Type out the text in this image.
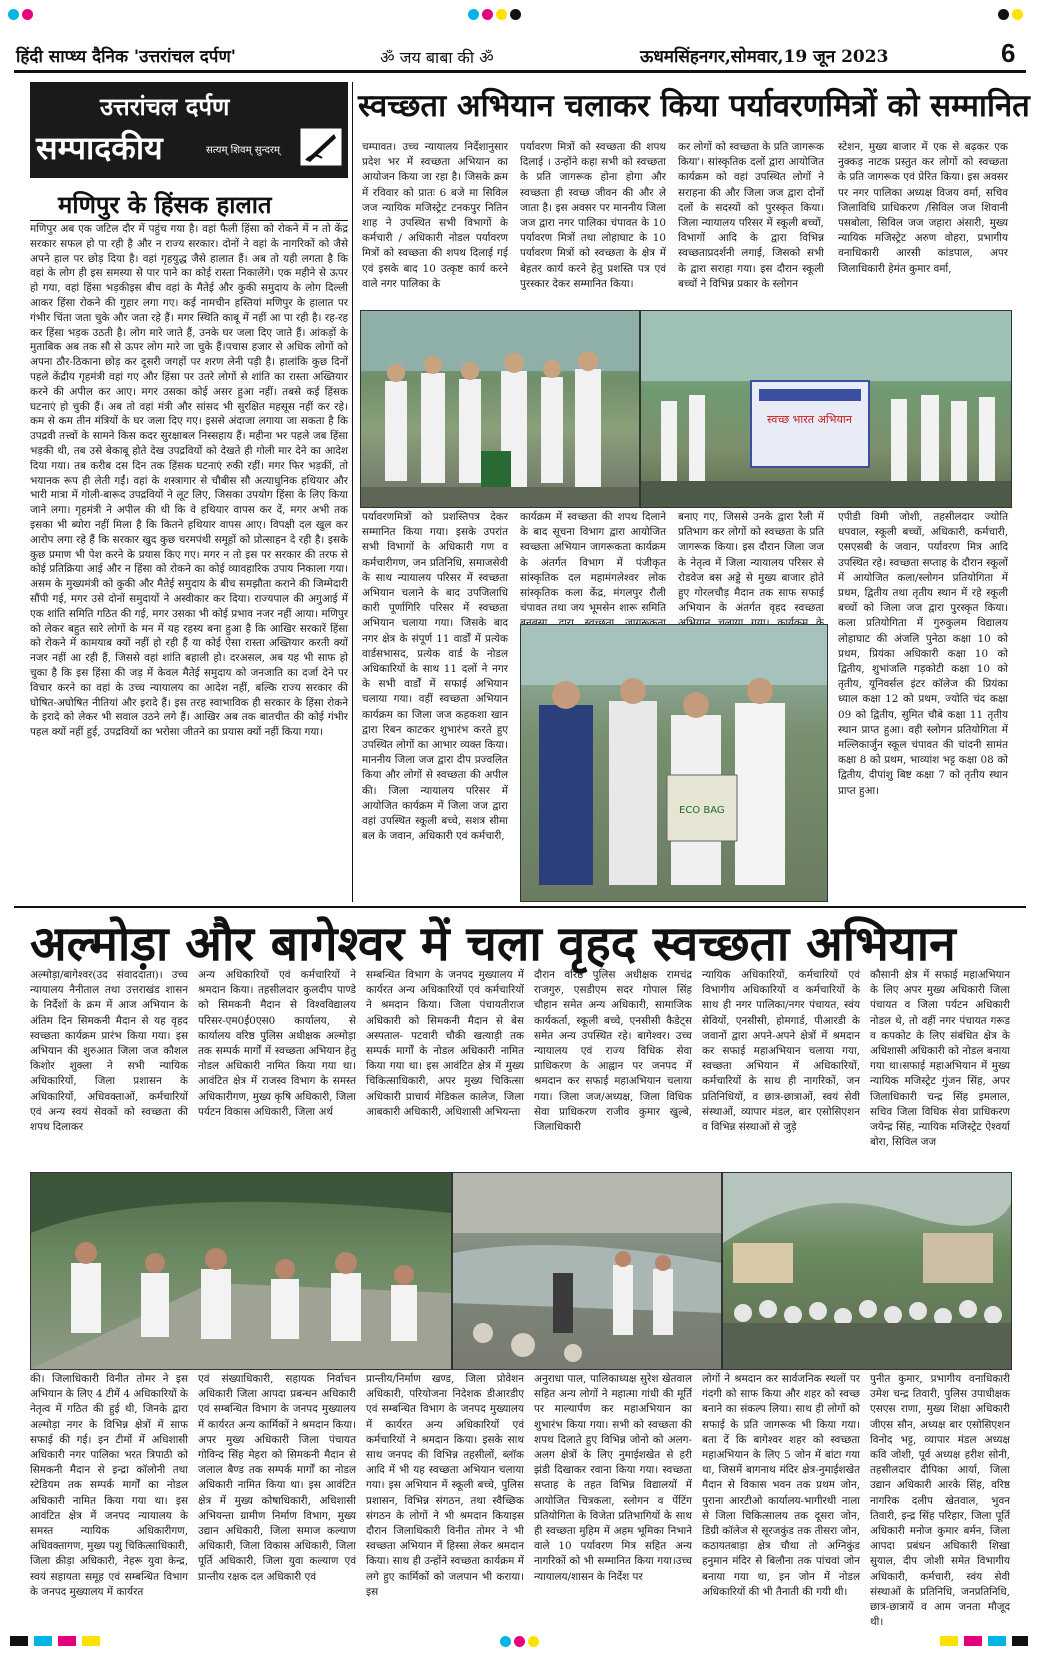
हिंदी साप्ध्य दैनिक 'उत्तरांचल दर्पण'	ॐ जय बाबा की ॐ	ऊधमसिंहनगर,सोमवार,19 जून 2023	6
उत्तरांचल दर्पण
सम्पादकीय	सत्यम् शिवम् सुन्दरम्
मणिपुर के हिंसक हालात
मणिपुर अब एक जटिल दौर में पहुंच गया है। वहां फैली हिंसा को रोकने में न तो केंद्र सरकार सफल हो पा रही है और न राज्य सरकार। दोनों ने वहां के नागरिकों को जैसे अपने हाल पर छोड़ दिया है। वहां गृहयुद्ध जैसे हालात हैं। अब तो यही लगता है कि वहां के लोग ही इस समस्या से पार पाने का कोई रास्ता निकालेंगे। एक महीने से ऊपर हो गया, वहां हिंसा भड़कीइस बीच वहां के मैतेई और कुकी समुदाय के लोग दिल्ली आकर हिंसा रोकने की गुहार लगा गए। कई नामचीन हस्तियां मणिपुर के हालात पर गंभीर चिंता जता चुके और जता रहे हैं। मगर स्थिति काबू में नहीं आ पा रही है। रह-रह कर हिंसा भड़क उठती है। लोग मारे जाते हैं, उनके घर जला दिए जाते हैं। आंकड़ों के मुताबिक अब तक सौ से ऊपर लोग मारे जा चुके हैं।पचास हजार से अधिक लोगों को अपना ठौर-ठिकाना छोड़ कर दूसरी जगहों पर शरण लेनी पड़ी है। हालांकि कुछ दिनों पहले केंद्रीय गृहमंत्री वहां गए और हिंसा पर उतरे लोगों से शांति का रास्ता अख्तियार करने की अपील कर आए। मगर उसका कोई असर हुआ नहीं। तबसे कई हिंसक घटनाएं हो चुकी हैं। अब तो वहां मंत्री और सांसद भी सुरक्षित महसूस नहीं कर रहे। कम से कम तीन मंत्रियों के घर जला दिए गए। इससे अंदाजा लगाया जा सकता है कि उपद्रवी तत्त्वों के सामने किस कदर सुरक्षाबल निस्सहाय हैं। महीना भर पहले जब हिंसा भड़की थी, तब उसे बेकाबू होते देख उपद्रवियों को देखते ही गोली मार देने का आदेश दिया गया। तब करीब दस दिन तक हिंसक घटनाएं रुकी रहीं। मगर फिर भड़कीं, तो भयानक रूप ही लेती गईं। वहां के शस्त्रागार से चौबीस सौ अत्याधुनिक हथियार और भारी मात्रा में गोली-बारूद उपद्रवियों ने लूट लिए, जिसका उपयोग हिंसा के लिए किया जाने लगा। गृहमंत्री ने अपील की थी कि वे हथियार वापस कर दें, मगर अभी तक इसका भी ब्योरा नहीं मिला है कि कितने हथियार वापस आए। विपक्षी दल खुल कर आरोप लगा रहे हैं कि सरकार खुद कुछ चरमपंथी समूहों को प्रोत्साहन दे रही है। इसके कुछ प्रमाण भी पेश करने के प्रयास किए गए। मगर न तो इस पर सरकार की तरफ से कोई प्रतिक्रिया आई और न हिंसा को रोकने का कोई व्यावहारिक उपाय निकाला गया। असम के मुख्यमंत्री को कुकी और मैतेई समुदाय के बीच समझौता कराने की जिम्मेदारी सौंपी गई, मगर उसे दोनों समुदायों ने अस्वीकार कर दिया। राज्यपाल की अगुआई में एक शांति समिति गठित की गई, मगर उसका भी कोई प्रभाव नजर नहीं आया। मणिपुर को लेकर बहुत सारे लोगों के मन में यह रहस्य बना हुआ है कि आखिर सरकारें हिंसा को रोकने में कामयाब क्यों नहीं हो रही हैं या कोई ऐसा रास्ता अख्तियार करती क्यों नजर नहीं आ रही हैं, जिससे वहां शांति बहाली हो। दरअसल, अब यह भी साफ हो चुका है कि इस हिंसा की जड़ में केवल मैतेई समुदाय को जनजाति का दर्जा देने पर विचार करने का वहां के उच्च न्यायालय का आदेश नहीं, बल्कि राज्य सरकार की घोषित-अघोषित नीतियां और इरादे हैं। इस तरह स्वाभाविक ही सरकार के हिंसा रोकने के इरादे को लेकर भी सवाल उठने लगे हैं। आखिर अब तक बातचीत की कोई गंभीर पहल क्यों नहीं हुई, उपद्रवियों का भरोसा जीतने का प्रयास क्यों नहीं किया गया।
स्वच्छता अभियान चलाकर किया पर्यावरणमित्रों को सम्मानित
चम्पावत। उच्च न्यायालय निर्देशानुसार प्रदेश भर में स्वच्छता अभियान का आयोजन किया जा रहा है। जिसके क्रम में रविवार को प्रातः 6 बजे मा सिविल जज न्यायिक मजिस्ट्रेट टनकपुर नितिन शाह ने उपस्थित सभी विभागों के कर्मचारी / अधिकारी नोडल पर्यावरण मित्रों को स्वच्छता की शपथ दिलाई गई एवं इसके बाद 10 उत्कृष्ट कार्य करने वाले नगर पालिका के
पर्यावरण मित्रों को स्वच्छता की शपथ दिलाई । उन्होंने कहा सभी को स्वच्छता के प्रति जागरूक होना होगा और स्वच्छता ही स्वच्छ जीवन की और ले जाता है। इस अवसर पर माननीय जिला जज द्वारा नगर पालिका चंपावत के 10 पर्यावरण मित्रों तथा लोहाघाट के 10 पर्यावरण मित्रों को स्वच्छता के क्षेत्र में बेहतर कार्य करने हेतु प्रशस्ति पत्र एवं पुरस्कार देकर सम्मानित किया।
कर लोगों को स्वच्छता के प्रति जागरूक किया'। सांस्कृतिक दलों द्वारा आयोजित कार्यक्रम को वहां उपस्थित लोगों ने सराहना की और जिला जज द्वारा दोनों दलों के सदस्यों को पुरस्कृत किया। जिला न्यायालय परिसर में स्कूली बच्चों, विभागों आदि के द्वारा विभिन्न स्वच्छताप्रदर्शनी लगाई, जिसको सभी के द्वारा सराहा गया। इस दौरान स्कूली बच्चों ने विभिन्न प्रकार के स्लोगन
स्टेशन, मुख्य बाजार में एक से बढ़कर एक नुक्कड़ नाटक प्रस्तुत कर लोगों को स्वच्छता के प्रति जागरूक एवं प्रेरित किया। इस अवसर पर नगर पालिका अध्यक्ष विजय वर्मा, सचिव जिलाविधि प्राधिकरण /सिविल जज शिवानी पसबोला, सिविल जज जहारा अंसारी, मुख्य न्यायिक मजिस्ट्रेट अरुण वोहरा, प्रभागीय वनाधिकारी आरसी कांडपाल, अपर जिलाधिकारी हेमंत कुमार वर्मा,
स्वच्छ भारत अभियान
पर्यावरणमित्रों को प्रशस्तिपत्र देकर सम्मानित किया गया। इसके उपरांत सभी विभागों के अधिकारी गण व कर्मचारीगण, जन प्रतिनिधि, समाजसेवी के साथ न्यायालय परिसर में स्वच्छता अभियान चलाने के बाद उपजिलाधि कारी पूर्णागिरि परिसर में स्वच्छता अभियान चलाया गया। जिसके बाद नगर क्षेत्र के संपूर्ण 11 वार्डों में प्रत्येक वार्डसभासद, प्रत्येक वार्ड के नोडल अधिकारियों के साथ 11 दलों ने नगर के सभी वार्डों में सफाई अभियान चलाया गया। वहीं स्वच्छता अभियान कार्यक्रम का जिला जज कहकशा खान द्वारा रिबन काटकर शुभारंभ करते हुए उपस्थित लोगों का आभार व्यक्त किया। माननीय जिला जज द्वारा दीप प्रज्वलित किया और लोगों से स्वच्छता की अपील की। जिला न्यायालय परिसर में आयोजित कार्यक्रम में जिला जज द्वारा वहां उपस्थित स्कूली बच्चे, सशत्र सीमा बल के जवान, अधिकारी एवं कर्मचारी,
कार्यक्रम में स्वच्छता की शपथ दिलाने के बाद सूचना विभाग द्वारा आयोजित स्वच्छता अभियान जागरूकता कार्यक्रम के अंतर्गत विभाग में पंजीकृत सांस्कृतिक दल महामंगलेश्वर लोक सांस्कृतिक कला केंद्र, मंगलपुर रौली चंपावत तथा जय भूमसेन शारू समिति
बनाए गए, जिससे उनके द्वारा रैली में प्रतिभाग कर लोगों को स्वच्छता के प्रति जागरूक किया। इस दौरान जिला जज के नेतृत्व में जिला न्यायालय परिसर से रोडवेज बस अड्डे से मुख्य बाजार होते हुए गोरलचौड़ मैदान तक साफ सफाई अभियान के अंतर्गत वृहद स्वच्छता
एपीडी विमी जोशी, तहसीलदार ज्योति धपवाल, स्कूली बच्चों, अधिकारी, कर्मचारी, एसएसबी के जवान, पर्यावरण मित्र आदि उपस्थित रहे। स्वच्छता सप्ताह के दौरान स्कूलों में आयोजित कला/स्लोगन प्रतियोगिता में प्रथम, द्वितीय तथा तृतीय स्थान में रहे स्कूली बच्चों को जिला जज द्वारा पुरस्कृत किया। कला प्रतियोगिता में गुरुकुलम विद्यालय लोहाघाट की अंजलि पुनेठा कक्षा 10 को प्रथम, प्रियंका अधिकारी कक्षा 10 को द्वितीय, शुभांजलि गड़कोटी कक्षा 10 को तृतीय, यूनिवर्सल इंटर कॉलेज की प्रियंका ध्याल कक्षा 12 को प्रथम, ज्योति चंद कक्षा 09 को द्वितीय, सुमित चौबे कक्षा 11 तृतीय स्थान प्राप्त हुआ। वही स्लोगन प्रतियोगिता में मल्लिकार्जुन स्कूल चंपावत की चांदनी सामंत कक्षा 8 को प्रथम, भाव्यांश भट्ट कक्षा 08 को द्वितीय, दीपांशु बिष्ट कक्षा 7 को तृतीय स्थान प्राप्त हुआ।
ECO BAG
अल्मोड़ा और बागेश्वर में चला वृहद स्वच्छता अभियान
अल्मोड़ा/बागेश्वर(उद संवाददाता)। उच्च न्यायालय नैनीताल तथा उत्तराखंड शासन के निर्देशों के क्रम में आज अभियान के अंतिम दिन सिमकनी मैदान से यह वृहद स्वच्छता कार्यक्रम प्रारंभ किया गया। इस अभियान की शुरुआत जिला जज कौशल किशोर शुक्ला ने सभी न्यायिक अधिकारियों, जिला प्रशासन के अधिकारियों, अधिवक्ताओं, कर्मचारियों एवं अन्य स्वयं सेवकों को स्वच्छता की शपथ दिलाकर
अन्य अधिकारियों एवं कर्मचारियों ने श्रमदान किया। तहसीलदार कुलदीप पाण्डे को सिमकनी मैदान से विश्वविद्यालय परिसर-एम0ई0एस0 कार्यालय, से कार्यालय वरिष्ठ पुलिस अधीक्षक अल्मोड़ा तक सम्पर्क मार्गों में स्वच्छता अभियान हेतु नोडल अधिकारी नामित किया गया था। आवंटित क्षेत्र में राजस्व विभाग के समस्त अधिकारीगण, मुख्य कृषि अधिकारी, जिला पर्यटन विकास अधिकारी, जिला अर्थ
सम्बन्धित विभाग के जनपद मुख्यालय में कार्यरत अन्य अधिकारियों एवं कर्मचारियों ने श्रमदान किया। जिला पंचायतीराज अधिकारी को सिमकनी मैदान से बेस अस्पताल- पटवारी चौकी खत्याड़ी तक सम्पर्क मार्गों के नोडल अधिकारी नामित किया गया था। इस आवंटित क्षेत्र में मुख्य चिकित्साधिकारी, अपर मुख्य चिकित्सा अधिकारी प्राचार्य मेडिकल कालेज, जिला आबकारी अधिकारी, अधिशासी अभियन्ता
दौरान वरिष्ठ पुलिस अधीक्षक रामचंद्र राजगुरु, एसडीएम सदर गोपाल सिंह चौहान समेत अन्य अधिकारी, सामाजिक कार्यकर्ता, स्कूली बच्चे, एनसीसी कैडेट्स समेत अन्य उपस्थित रहे। बागेश्वर। उच्च न्यायालय एवं राज्य विधिक सेवा प्राधिकरण के आह्वान पर जनपद में श्रमदान कर सफाई महाअभियान चलाया गया। जिला जज/अध्यक्ष, जिला विधिक सेवा प्राधिकरण राजीव कुमार खुल्बे, जिलाधिकारी
न्यायिक अधिकारियों, कर्मचारियों एवं विभागीय अधिकारियों व कर्मचारियों के साथ ही नगर पालिका/नगर पंचायत, स्वंय सेवियों, एनसीसी, होमगार्ड, पीआरडी के जवानों द्वारा अपने-अपने क्षेत्रों में श्रमदान कर सफाई महाअभियान चलाया गया, स्वच्छता अभियान में अधिकारियों, कर्मचारियों के साथ ही नागरिकों, जन प्रतिनिधियों, व छात्र-छात्राओं, स्वयं सेवी संस्थाओं, व्यापार मंडल, बार एसोसिएशन व विभिन्न संस्थाओं से जुड़े
कौसानी क्षेत्र में सफाई महाअभियान के लिए अपर मुख्य अधिकारी जिला पंचायत व जिला पर्यटन अधिकारी नोडल थे, तो वहीं नगर पंचायत गरूड व कपकोट के लिए संबंधित क्षेत्र के अधिशासी अधिकारी को नोडल बनाया गया था।सफाई महाअभियान में मुख्य न्यायिक मजिस्ट्रेट गुंजन सिंह, अपर जिलाधिकारी चन्द्र सिंह इमलाल, सचिव जिला विधिक सेवा प्राधिकरण जयेन्द्र सिंह, न्यायिक मजिस्ट्रेट ऐश्वर्या बोरा, सिविल जज
की। जिलाधिकारी विनीत तोमर ने इस अभियान के लिए 4 टीमें 4 अधिकारियों के नेतृत्व में गठित की हुई थी, जिनके द्वारा अल्मोड़ा नगर के विभिन्न क्षेत्रों में साफ सफाई की गई। इन टीमों में अधिशासी अधिकारी नगर पालिका भरत त्रिपाठी को सिमकनी मैदान से इन्द्रा कॉलोनी तथा स्टेडियम तक सम्पर्क मार्गों का नोडल अधिकारी नामित किया गया था। इस आवंटित क्षेत्र में जनपद न्यायालय के समस्त न्यायिक अधिकारीगण, अधिवक्तागण, मुख्य पशु चिकित्साधिकारी, जिला क्रीड़ा अधिकारी, नेहरू युवा केन्द्र, स्वयं सहायता समूह एवं सम्बन्धित विभाग के जनपद मुख्यालय में कार्यरत
एवं संख्याधिकारी, सहायक निर्वाचन अधिकारी जिला आपदा प्रबन्धन अधिकारी एवं सम्बन्धित विभाग के जनपद मुख्यालय में कार्यरत अन्य कार्मिकों ने श्रमदान किया। अपर मुख्य अधिकारी जिला पंचायत गोविन्द सिंह मेहरा को सिमकनी मैदान से जलाल बैण्ड तक सम्पर्क मार्गों का नोडल अधिकारी नामित किया था। इस आवंटित क्षेत्र में मुख्य कोषाधिकारी, अधिशासी अभियन्ता ग्रामीण निर्माण विभाग, मुख्य उद्यान अधिकारी, जिला समाज कल्याण अधिकारी, जिला विकास अधिकारी, जिला पूर्ति अधिकारी, जिला युवा कल्याण एवं प्रान्तीय रक्षक दल अधिकारी एवं
प्रान्तीय/निर्माण खण्ड, जिला प्रोवेशन अधिकारी, परियोजना निदेशक डीआरडीए एवं सम्बन्धित विभाग के जनपद मुख्यालय में कार्यरत अन्य अधिकारियों एवं कर्मचारियों ने श्रमदान किया। इसके साथ साथ जनपद की विभिन्न तहसीलों, ब्लॉक आदि में भी यह स्वच्छता अभियान चलाया गया। इस अभियान में स्कूली बच्चे, पुलिस प्रशासन, विभिन्न संगठन, तथा स्वैच्छिक संगठन के लोगों ने भी श्रमदान कियाइस दौरान जिलाधिकारी विनीत तोमर ने भी स्वच्छता अभियान में हिस्सा लेकर श्रमदान किया। साथ ही उन्होंने स्वच्छता कार्यक्रम में लगे हुए कार्मिकों को जलपान भी कराया।इस
अनुराधा पाल, पालिकाध्यक्ष सुरेश खेतवाल सहित अन्य लोगों ने महात्मा गांधी की मूर्ति पर माल्यार्पण कर महाअभियान का शुभारंभ किया गया। सभी को स्वच्छता की शपथ दिलाते हुए विभिन्न जोनो को अलग-अलग क्षेत्रों के लिए नुमाईशखेत से हरी झंडी दिखाकर रवाना किया गया। स्वच्छता सप्ताह के तहत विभिन्न विद्यालयों में आयोजित चित्रकला, स्लोगन व पेंटिंग प्रतियोगिता के विजेता प्रतिभागियों के साथ ही स्वच्छता मुहिम में अहम भूमिका निभाने वाले 10 पर्यावरण मित्र सहित अन्य नागरिकों को भी सम्मानित किया गया।उच्च न्यायालय/शासन के निर्देश पर
लोगों ने श्रमदान कर सार्वजनिक स्थलों पर गंदगी को साफ किया और शहर को स्वच्छ बनाने का संकल्प लिया। साथ ही लोगों को सफाई के प्रति जागरूक भी किया गया। बता दें कि बागेश्वर शहर को स्वच्छता महाअभियान के लिए 5 जोन में बांटा गया था, जिसमें बागनाथ मंदिर क्षेत्र-नुमाईशखेत मैदान से विकास भवन तक प्रथम जोन, पुराना आरटीओ कार्यालय-भागीरथी नाला से जिला चिकित्सालय तक दूसरा जोन, डिग्री कॉलेज से सूरजकुंड तक तीसरा जोन, कठायतबाड़ा क्षेत्र चौथा तो अग्निकुंड हनुमान मंदिर से बिलौना तक पांचवां जोन बनाया गया था, इन जोन में नोडल अधिकारियों की भी तैनाती की गयी थी।
पुनीत कुमार, प्रभागीय वनाधिकारी उमेश चन्द्र तिवारी, पुलिस उपाधीक्षक एसएस राणा, मुख्य शिक्षा अधिकारी जीएस सौन, अध्यक्ष बार एसोसिएशन विनोद भट्ट, व्यापार मंडल अध्यक्ष कवि जोशी, पूर्व अध्यक्ष हरीश सोनी, तहसीलदार दीपिका आर्या, जिला उद्यान अधिकारी आरके सिंह, वरिष्ठ नागरिक दलीप खेतवाल, भुवन तिवारी, इन्द्र सिंह परिहार, जिला पूर्ति अधिकारी मनोज कुमार बर्मन, जिला आपदा प्रबंधन अधिकारी शिखा सुयाल, दीप जोशी समेत विभागीय अधिकारी, कर्मचारी, स्वंय सेवी संस्थाओं के प्रतिनिधि, जनप्रतिनिधि, छात्र-छात्रायें व आम जनता मौजूद थी।
